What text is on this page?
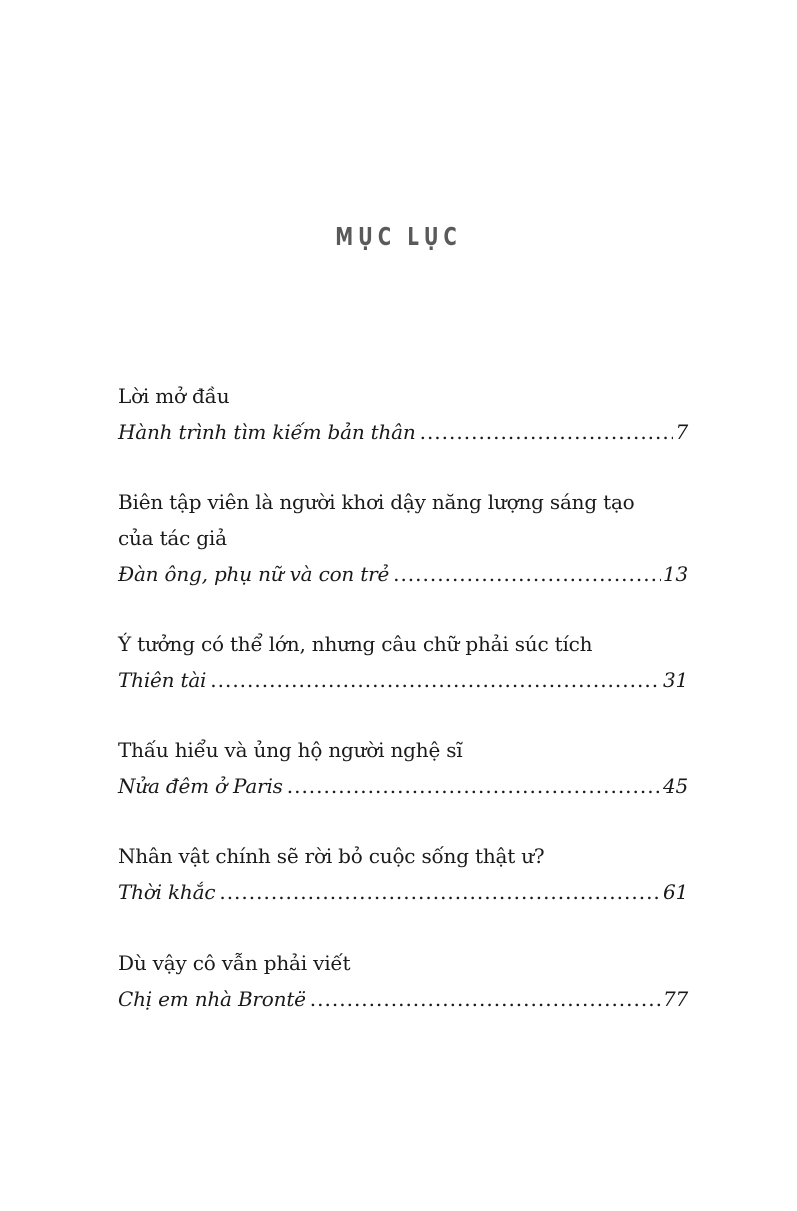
MỤC LỤC
Lời mở đầu
Hành trình tìm kiếm bản thân .....	7
Biên tập viên là người khơi dậy năng lượng sáng tạo
của tác giả
Đàn ông, phụ nữ và con trẻ .....	13
Ý tưởng có thể lớn, nhưng câu chữ phải súc tích
Thiên tài .....	31
Thấu hiểu và ủng hộ người nghệ sĩ
Nửa đêm ở Paris .....	45
Nhân vật chính sẽ rời bỏ cuộc sống thật ư?
Thời khắc .....	61
Dù vậy cô vẫn phải viết
Chị em nhà Brontë .....	77
